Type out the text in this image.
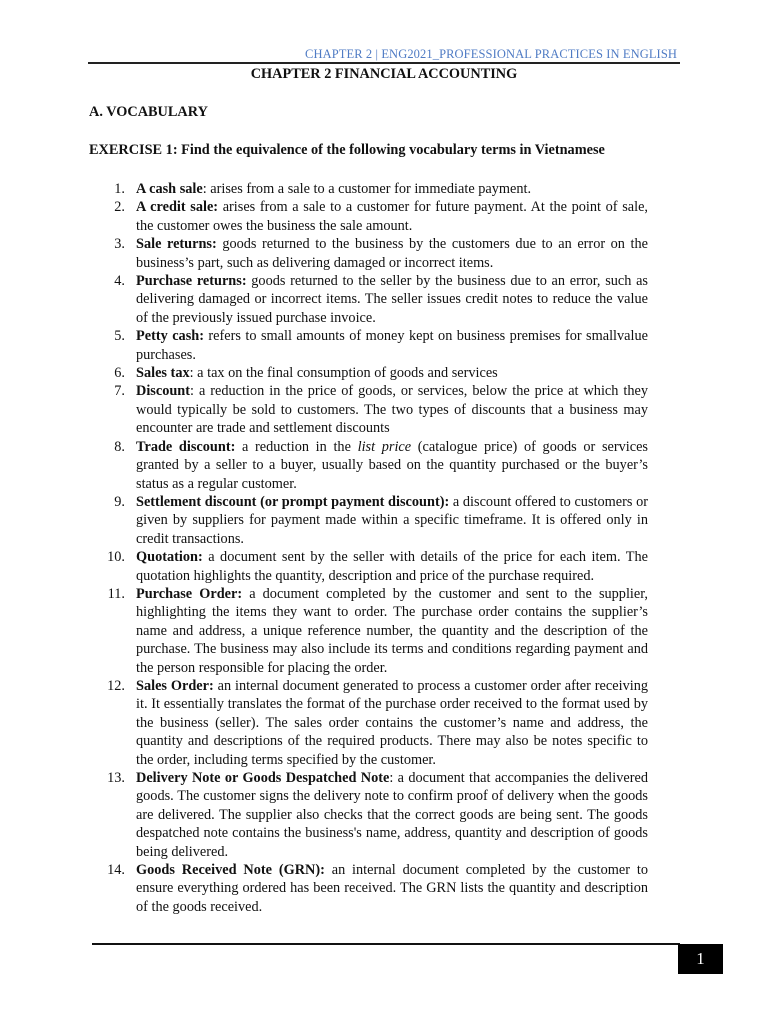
CHAPTER 2 | ENG2021_PROFESSIONAL PRACTICES IN ENGLISH
CHAPTER 2 FINANCIAL ACCOUNTING
A. VOCABULARY
EXERCISE 1: Find the equivalence of the following vocabulary terms in Vietnamese
1. A cash sale: arises from a sale to a customer for immediate payment.
2. A credit sale: arises from a sale to a customer for future payment. At the point of sale, the customer owes the business the sale amount.
3. Sale returns: goods returned to the business by the customers due to an error on the business’s part, such as delivering damaged or incorrect items.
4. Purchase returns: goods returned to the seller by the business due to an error, such as delivering damaged or incorrect items. The seller issues credit notes to reduce the value of the previously issued purchase invoice.
5. Petty cash: refers to small amounts of money kept on business premises for smallvalue purchases.
6. Sales tax: a tax on the final consumption of goods and services
7. Discount: a reduction in the price of goods, or services, below the price at which they would typically be sold to customers. The two types of discounts that a business may encounter are trade and settlement discounts
8. Trade discount: a reduction in the list price (catalogue price) of goods or services granted by a seller to a buyer, usually based on the quantity purchased or the buyer’s status as a regular customer.
9. Settlement discount (or prompt payment discount): a discount offered to customers or given by suppliers for payment made within a specific timeframe. It is offered only in credit transactions.
10. Quotation: a document sent by the seller with details of the price for each item. The quotation highlights the quantity, description and price of the purchase required.
11. Purchase Order: a document completed by the customer and sent to the supplier, highlighting the items they want to order. The purchase order contains the supplier’s name and address, a unique reference number, the quantity and the description of the purchase. The business may also include its terms and conditions regarding payment and the person responsible for placing the order.
12. Sales Order: an internal document generated to process a customer order after receiving it. It essentially translates the format of the purchase order received to the format used by the business (seller). The sales order contains the customer’s name and address, the quantity and descriptions of the required products. There may also be notes specific to the order, including terms specified by the customer.
13. Delivery Note or Goods Despatched Note: a document that accompanies the delivered goods. The customer signs the delivery note to confirm proof of delivery when the goods are delivered. The supplier also checks that the correct goods are being sent. The goods despatched note contains the business's name, address, quantity and description of goods being delivered.
14. Goods Received Note (GRN): an internal document completed by the customer to ensure everything ordered has been received. The GRN lists the quantity and description of the goods received.
1
